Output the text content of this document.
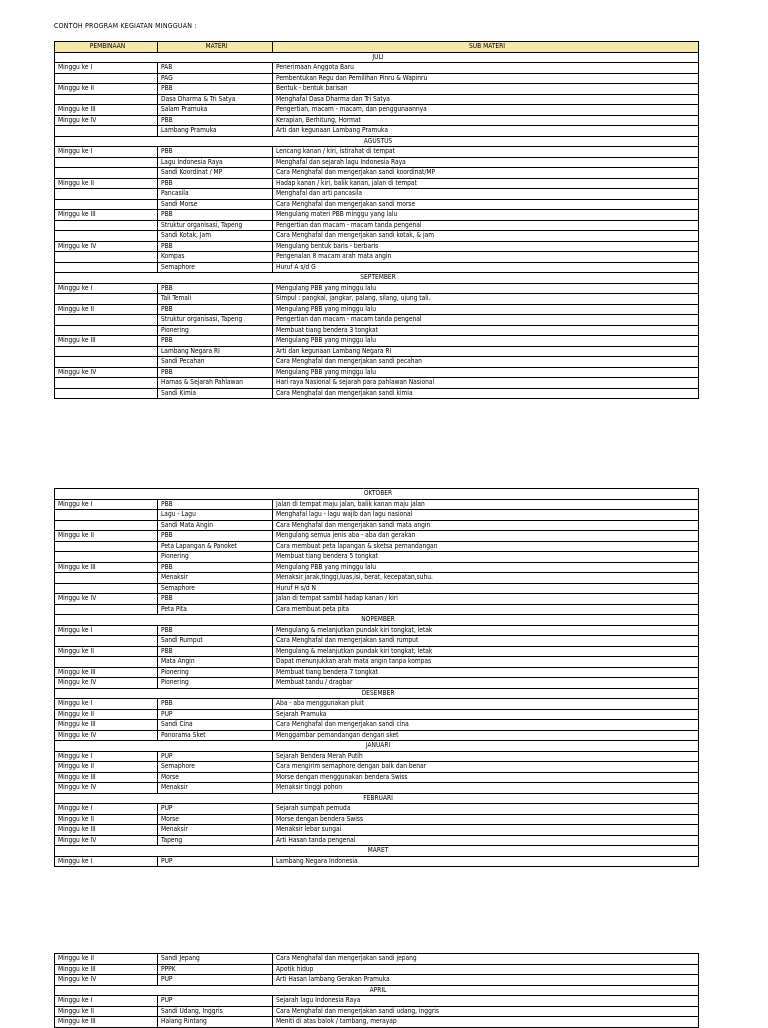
CONTOH PROGRAM KEGIATAN MINGGUAN :
PEMBINAAN	MATERI	SUB MATERI
JULI		
Minggu ke I	PAB	Penerimaan Anggota Baru
	PAG	Pembentukan Regu dan Pemilihan Pinru & Wapinru
Minggu ke II	PBB	Bentuk - bentuk barisan
	Dasa Dharma & Tri Satya	Menghafal Dasa Dharma dan Tri Satya
Minggu ke III	Salam Pramuka	Pengertian, macam - macam, dan penggunaannya
Minggu ke IV	PBB	Kerapian, Berhitung, Hormat
	Lambang Pramuka	Arti dan kegunaan Lambang Pramuka
AGUSTUS		
Minggu ke I	PBB	Lencang kanan / kiri, istirahat di tempat
	Lagu Indonesia Raya	Menghafal dan sejarah lagu Indonesia Raya
	Sandi Koordinat / MP	Cara Menghafal dan mengerjakan sandi koordinat/MP
Minggu ke II	PBB	Hadap kanan / kiri, balik kanan, jalan di tempat
	Pancasila	Menghafal dan arti pancasila
	Sandi Morse	Cara Menghafal dan mengerjakan sandi morse
Minggu ke III	PBB	Mengulang materi PBB minggu yang lalu
	Struktur organisasi, Tapeng	Pengertian dan macam - macam tanda pengenal
	Sandi Kotak, Jam	Cara Menghafal dan mengerjakan sandi kotak, & jam
Minggu ke IV	PBB	Mengulang bentuk baris - berbaris
	Kompas	Pengenalan 8 macam arah mata angin
	Semaphore	Huruf A s/d G
SEPTEMBER		
Minggu ke I	PBB	Mengulang PBB yang minggu lalu
	Tali Temali	Simpul : pangkal, jangkar, palang, silang, ujung tali.
Minggu ke II	PBB	Mengulang PBB yang minggu lalu
	Struktur organisasi, Tapeng	Pengertian dan macam - macam tanda pengenal
	Pionering	Membuat tiang bendera 3 tongkat
Minggu ke III	PBB	Mengulang PBB yang minggu lalu
	Lambang Negara RI	Arti dan kegunaan Lambang Negara RI
	Sandi Pecahan	Cara Menghafal dan mengerjakan sandi pecahan
Minggu ke IV	PBB	Mengulang PBB yang minggu lalu
	Harnas & Sejarah Pahlawan	Hari raya Nasional & sejarah para pahlawan Nasional
	Sandi Kimia	Cara Menghafal dan mengerjakan sandi kimia
OKTOBER		
Minggu ke I	PBB	Jalan di tempat maju jalan, balik kanan maju jalan
	Lagu - Lagu	Menghafal lagu - lagu wajib dan lagu nasional
	Sandi Mata Angin	Cara Menghafal dan mengerjakan sandi mata angin
Minggu ke II	PBB	Mengulang semua jenis aba - aba dan gerakan
	Peta Lapangan & Panoket	Cara membuat peta lapangan & sketsa pemandangan
	Pionering	Membuat tiang bendera 5 tongkat
Minggu ke III	PBB	Mengulang PBB yang minggu lalu
	Menaksir	Menaksir jarak,tinggi,luas,isi, berat, kecepatan,suhu.
	Semaphore	Huruf H s/d N
Minggu ke IV	PBB	Jalan di tempat sambil hadap kanan / kiri
	Peta Pita	Cara membuat peta pita
NOPEMBER		
Minggu ke I	PBB	Mengulang & melanjutkan pundak kiri tongkat, letak
	Sandi Rumput	Cara Menghafal dan mengerjakan sandi rumput
Minggu ke II	PBB	Mengulang & melanjutkan pundak kiri tongkat, letak
	Mata Angin	Dapat menunjukkan arah mata angin tanpa kompas
Minggu ke III	Pionering	Membuat tiang bendera 7 tongkat
Minggu ke IV	Pionering	Membuat tandu / dragbar
DESEMBER		
Minggu ke I	PBB	Aba - aba menggunakan pluit
Minggu ke II	PUP	Sejarah Pramuka
Minggu ke III	Sandi Cina	Cara Menghafal dan mengerjakan sandi cina
Minggu ke IV	Panorama Sket	Menggambar pemandangan dengan sket
JANUARI		
Minggu ke I	PUP	Sejarah Bendera Merah Putih
Minggu ke II	Semaphore	Cara mengirim semaphore dengan baik dan benar
Minggu ke III	Morse	Morse dengan menggunakan bendera Swiss
Minggu ke IV	Menaksir	Menaksir tinggi pohon
FEBRUARI		
Minggu ke I	PUP	Sejarah sumpah pemuda
Minggu ke II	Morse	Morse dengan bendera Swiss
Minggu ke III	Menaksir	Menaksir lebar sungai
Minggu ke IV	Tapeng	Arti Hasan tanda pengenal
MARET		
Minggu ke I	PUP	Lambang Negara Indonesia
Minggu ke II	Sandi Jepang	Cara Menghafal dan mengerjakan sandi jepang
Minggu ke III	PPPK	Apotik hidup
Minggu ke IV	PUP	Arti Hasan lambang Gerakan Pramuka
APRIL		
Minggu ke I	PUP	Sejarah lagu Indonesia Raya
Minggu ke II	Sandi Udang, Inggris	Cara Menghafal dan mengerjakan sandi udang, inggris
Minggu ke III	Halang Rintang	Meniti di atas balok / tambang, merayap
